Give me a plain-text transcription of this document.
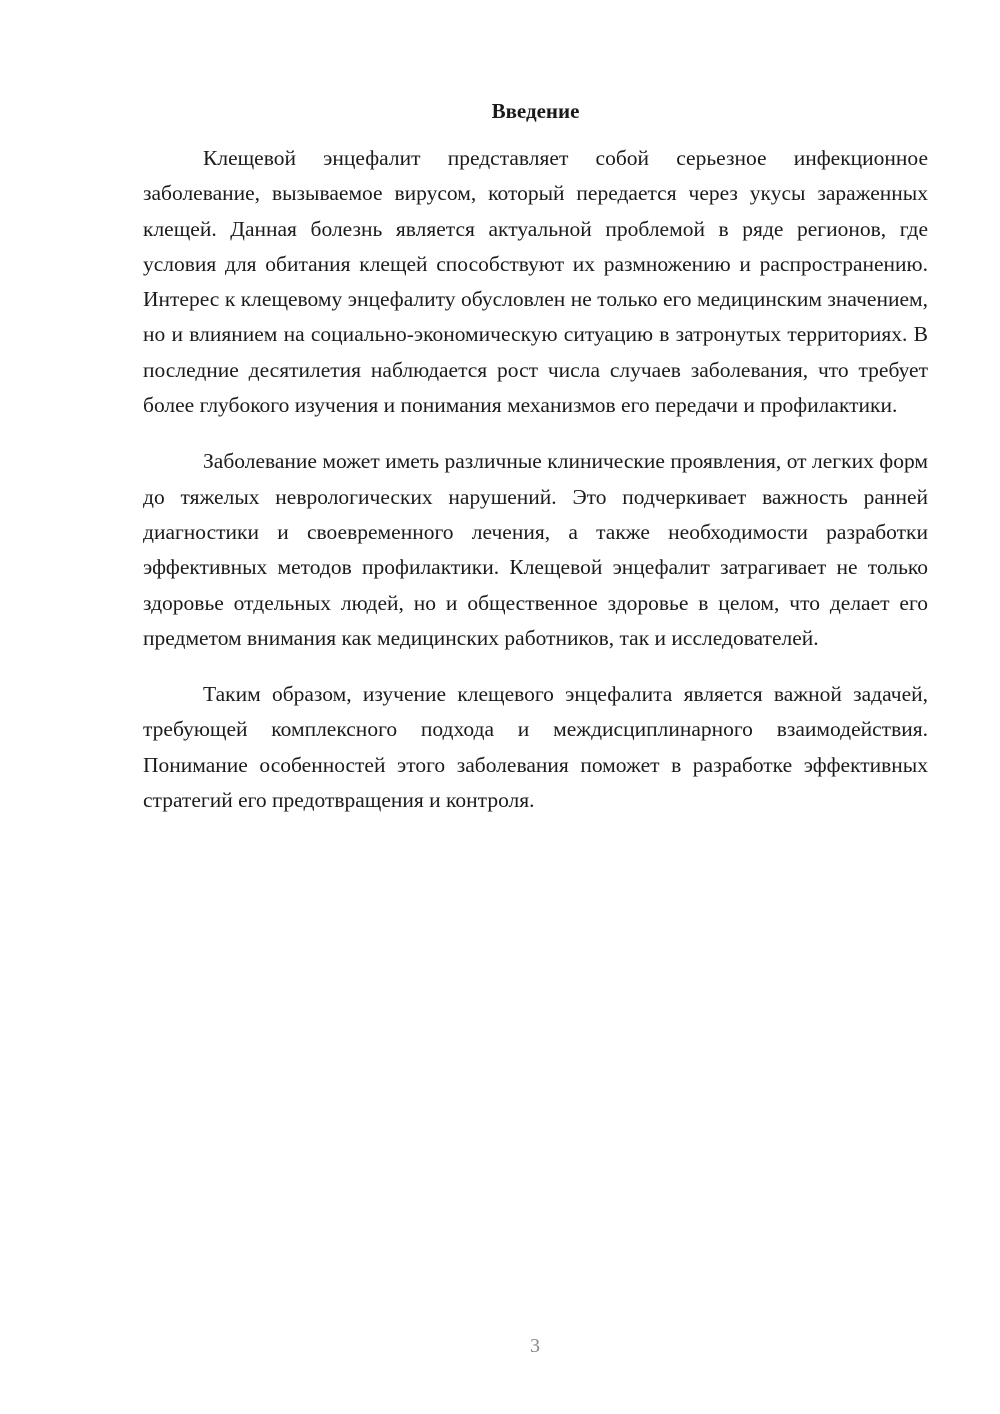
Введение

Клещевой энцефалит представляет собой серьезное инфекционное заболевание, вызываемое вирусом, который передается через укусы зараженных клещей. Данная болезнь является актуальной проблемой в ряде регионов, где условия для обитания клещей способствуют их размножению и распространению. Интерес к клещевому энцефалиту обусловлен не только его медицинским значением, но и влиянием на социально-экономическую ситуацию в затронутых территориях. В последние десятилетия наблюдается рост числа случаев заболевания, что требует более глубокого изучения и понимания механизмов его передачи и профилактики.

Заболевание может иметь различные клинические проявления, от легких форм до тяжелых неврологических нарушений. Это подчеркивает важность ранней диагностики и своевременного лечения, а также необходимости разработки эффективных методов профилактики. Клещевой энцефалит затрагивает не только здоровье отдельных людей, но и общественное здоровье в целом, что делает его предметом внимания как медицинских работников, так и исследователей.

Таким образом, изучение клещевого энцефалита является важной задачей, требующей комплексного подхода и междисциплинарного взаимодействия. Понимание особенностей этого заболевания поможет в разработке эффективных стратегий его предотвращения и контроля.

3
